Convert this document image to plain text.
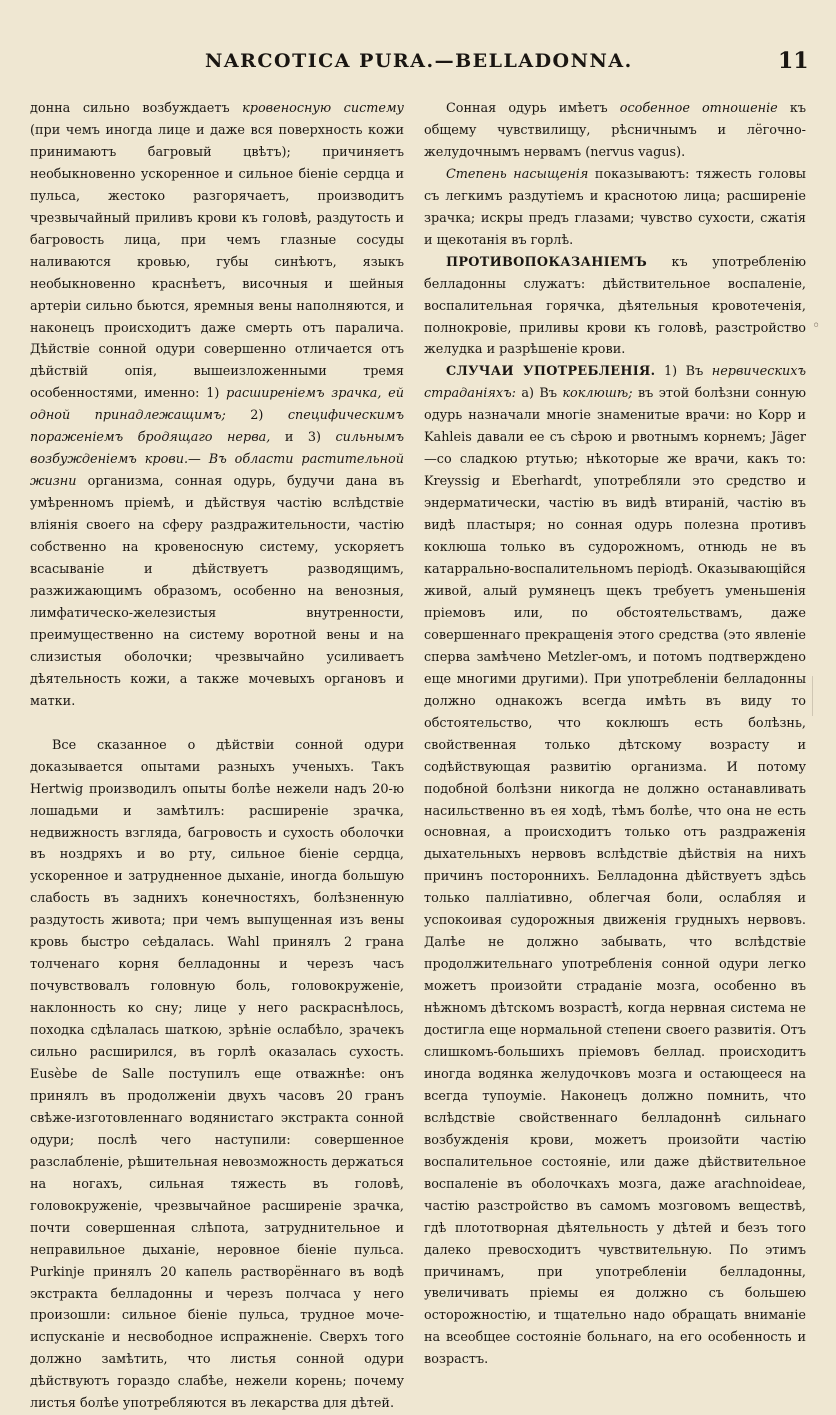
NARCOTICA PURA.—BELLADONNA.	11

донна сильно возбуждаетъ кровеносную систему (при чемъ иногда лице и даже вся поверхность кожи принимаютъ багровый цвѣтъ); причиняетъ необыкновенно ускоренное и сильное біеніе сердца и пульса, жестоко разгорячаетъ, производитъ чрезвычайный приливъ крови къ головѣ, раздутость и багровость лица, при чемъ глазные сосуды наливаются кровью, губы синѣютъ, языкъ необыкновенно краснѣетъ, височныя и шейныя артеріи сильно бьются, яремныя вены наполняются, и наконецъ происходитъ даже смерть отъ паралича. Дѣйствіе сонной одури совершенно отличается отъ дѣйствій опія, вышеизложенными тремя особенностями, именно: 1) расширеніемъ зрачка, ей одной принадлежащимъ; 2) специфическимъ пораженіемъ бродящаго нерва, и 3) сильнымъ возбужденіемъ крови.— Въ области растительной жизни организма, сонная одурь, будучи дана въ умѣренномъ пріемѣ, и дѣйствуя частію вслѣдствіе вліянія своего на сферу раздражительности, частію собственно на кровеносную систему, ускоряетъ всасываніе и дѣйствуетъ разводящимъ, разжижающимъ образомъ, особенно на венозныя, лимфатическо-железистыя внутренности, преимущественно на систему воротной вены и на слизистыя оболочки; чрезвычайно усиливаетъ дѣятельность кожи, а также мочевыхъ органовъ и матки.

Все сказанное о дѣйствіи сонной одури доказывается опытами разныхъ ученыхъ. Такъ Hertwig производилъ опыты болѣе нежели надъ 20-ю лошадьми и замѣтилъ: расширеніе зрачка, недвижность взгляда, багровость и сухость оболочки въ ноздряхъ и во рту, сильное біеніе сердца, ускоренное и затрудненное дыханіе, иногда большую слабость въ заднихъ конечностяхъ, болѣзненную раздутость живота; при чемъ выпущенная изъ вены кровь быстро сеѣдалась. Wahl принялъ 2 грана толченаго корня белладонны и черезъ часъ почувствовалъ головную боль, головокруженіе, наклонность ко сну; лице у него раскраснѣлось, походка сдѣлалась шаткою, зрѣніе ослабѣло, зрачекъ сильно расширился, въ горлѣ оказалась сухость. Eusèbe de Salle поступилъ еще отважнѣе: онъ принялъ въ продолженіи двухъ часовъ 20 гранъ свѣже-изготовленнаго водянистаго экстракта сонной одури; послѣ чего наступили: совершенное разслабленіе, рѣшительная невозможность держаться на ногахъ, сильная тяжесть въ головѣ, головокруженіе, чрезвычайное расширеніе зрачка, почти совершенная слѣпота, затруднительное и неправильное дыханіе, неровное біеніе пульса. Purkinje принялъ 20 капель растворённаго въ водѣ экстракта белладонны и черезъ полчаса у него произошли: сильное біеніе пульса, трудное моче-испусканіе и несвободное испражненіе. Сверхъ того должно замѣтить, что листья сонной одури дѣйствуютъ гораздо слабѣе, нежели корень; почему листья болѣе употребляются въ лекарства для дѣтей.

Сонная одурь имѣетъ особенное отношеніе къ общему чувствилищу, рѣсничнымъ и лёгочно-желудочнымъ нервамъ (nervus vagus).

Степень насыщенія показываютъ: тяжесть головы съ легкимъ раздутіемъ и краснотою лица; расширеніе зрачка; искры предъ глазами; чувство сухости, сжатія и щекотанія въ горлѣ.

ПРОТИВОПОКАЗАНІЕМЪ къ употребленію белладонны служатъ: дѣйствительное воспаленіе, воспалительная горячка, дѣятельныя кровотеченія, полнокровіе, приливы крови къ головѣ, разстройство желудка и разрѣшеніе крови.

СЛУЧАИ УПОТРЕБЛЕНІЯ. 1) Въ нервическихъ страданіяхъ: a) Въ коклюшѣ; въ этой болѣзни сонную одурь назначали многіе знаменитые врачи: но Kopp и Kahleis давали ее съ сѣрою и рвотнымъ корнемъ; Jäger—со сладкою ртутью; нѣкоторые же врачи, какъ то: Kreyssig и Eberhardt, употребляли это средство и эндерматически, частію въ видѣ втираній, частію въ видѣ пластыря; но сонная одурь полезна противъ коклюша только въ судорожномъ, отнюдь не въ катаррально-воспалительномъ періодѣ. Оказывающійся живой, алый румянецъ щекъ требуетъ уменьшенія пріемовъ или, по обстоятельствамъ, даже совершеннаго прекращенія этого средства (это явленіе сперва замѣчено Metzler-омъ, и потомъ подтверждено еще многими другими). При употребленіи белладонны должно однакожъ всегда имѣть въ виду то обстоятельство, что коклюшъ есть болѣзнь, свойственная только дѣтскому возрасту и содѣйствующая развитію организма. И потому подобной болѣзни никогда не должно останавливать насильственно въ ея ходѣ, тѣмъ болѣе, что она не есть основная, а происходитъ только отъ раздраженія дыхательныхъ нервовъ вслѣдствіе дѣйствія на нихъ причинъ постороннихъ. Белладонна дѣйствуетъ здѣсь только палліативно, облегчая боли, ослабляя и успокоивая судорожныя движенія грудныхъ нервовъ. Далѣе не должно забывать, что вслѣдствіе продолжительнаго употребленія сонной одури легко можетъ произойти страданіе мозга, особенно въ нѣжномъ дѣтскомъ возрастѣ, когда нервная система не достигла еще нормальной степени своего развитія. Отъ слишкомъ-большихъ пріемовъ беллад. происходитъ иногда водянка желудочковъ мозга и остающееся на всегда тупоуміе. Наконецъ должно помнить, что вслѣдствіе свойственнаго белладоннѣ сильнаго возбужденія крови, можетъ произойти частію воспалительное состояніе, или даже дѣйствительное воспаленіе въ оболочкахъ мозга, даже arachnoideae, частію разстройство въ самомъ мозговомъ веществѣ, гдѣ плототворная дѣятельность у дѣтей и безъ того далеко превосходитъ чувствительную. По этимъ причинамъ, при употребленіи белладонны, увеличивать пріемы ея должно съ большею осторожностію, и тщательно надо обращать вниманіе на всеобщее состояніе больнаго, на его особенность и возрастъ.

◦
